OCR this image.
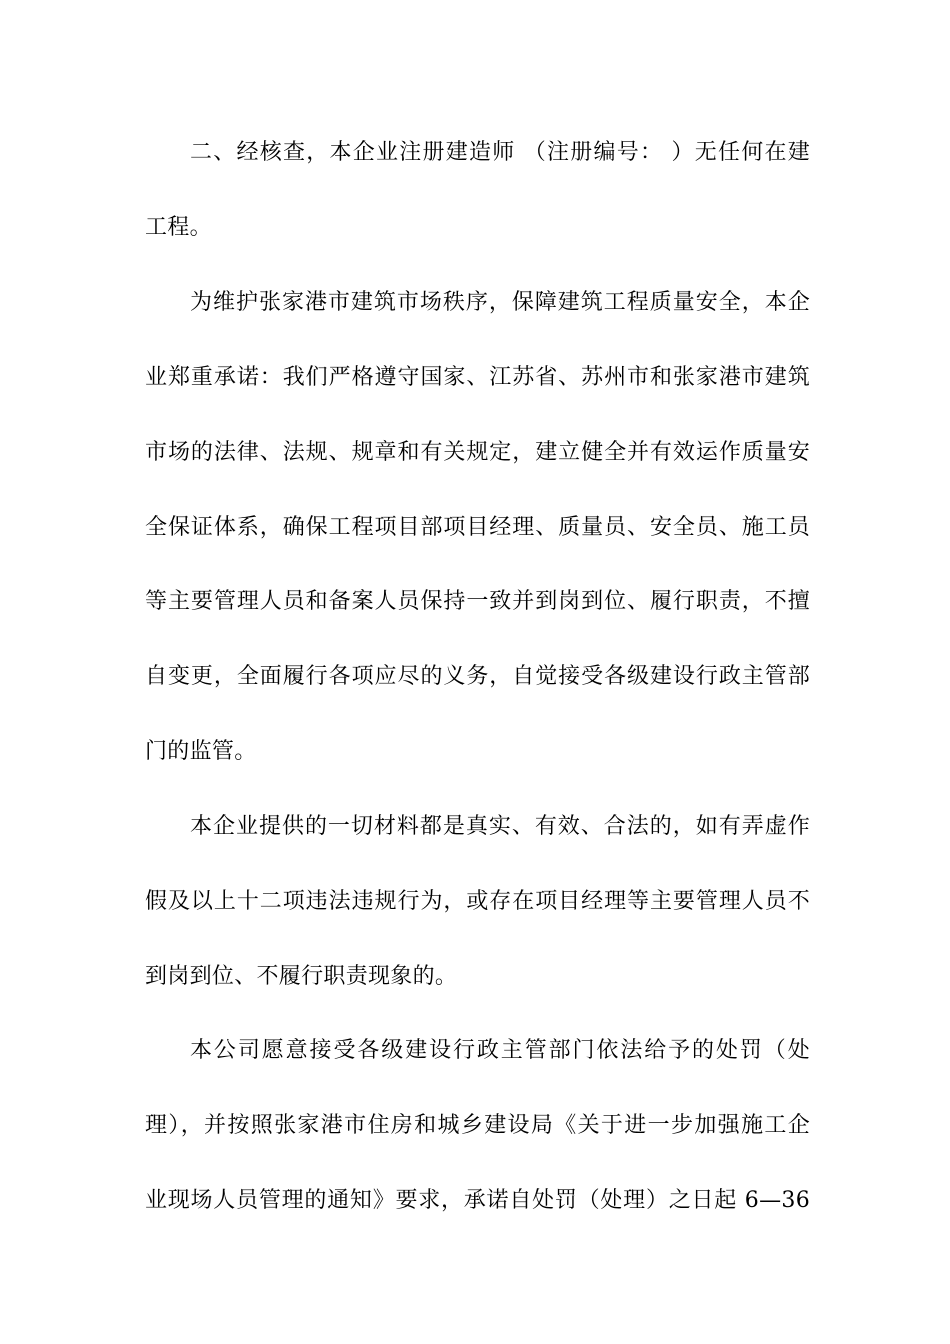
二、经核查，本企业注册建造师 （注册编号： ）无任何在建
工程。
为维护张家港市建筑市场秩序，保障建筑工程质量安全，本企
业郑重承诺：我们严格遵守国家、江苏省、苏州市和张家港市建筑
市场的法律、法规、规章和有关规定，建立健全并有效运作质量安
全保证体系，确保工程项目部项目经理、质量员、安全员、施工员
等主要管理人员和备案人员保持一致并到岗到位、履行职责，不擅
自变更，全面履行各项应尽的义务，自觉接受各级建设行政主管部
门的监管。
本企业提供的一切材料都是真实、有效、合法的，如有弄虚作
假及以上十二项违法违规行为，或存在项目经理等主要管理人员不
到岗到位、不履行职责现象的。
本公司愿意接受各级建设行政主管部门依法给予的处罚（处
理），并按照张家港市住房和城乡建设局《关于进一步加强施工企
业现场人员管理的通知》要求，承诺自处罚（处理）之日起 6—36
